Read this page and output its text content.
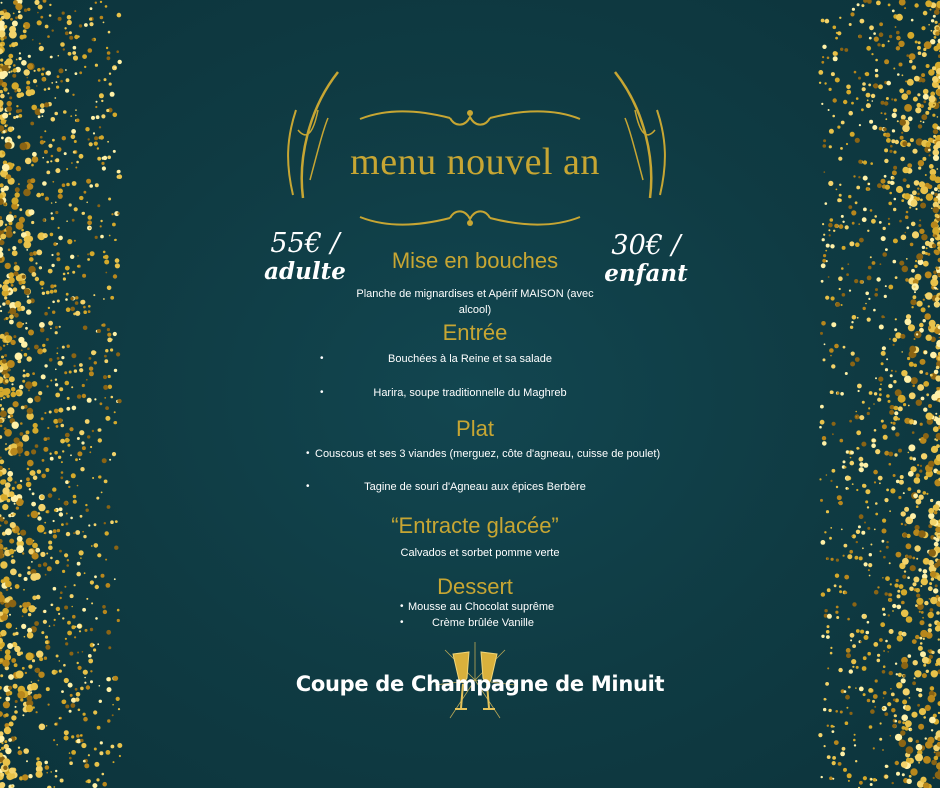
menu nouvel an
55€ /
adulte
30€ /
enfant
Mise en bouches
Planche de mignardises et Apérif MAISON (avec
alcool)
Entrée
•	Bouchées à la Reine et sa salade
•	Harira, soupe traditionnelle du Maghreb
Plat
• Couscous et ses 3 viandes (merguez, côte d'agneau, cuisse de poulet)
•	Tagine de souri d'Agneau aux épices Berbère
“Entracte glacée”
Calvados et sorbet pomme verte
Dessert
• Mousse au Chocolat suprême
•	Crème brûlée Vanille
Coupe de Champagne de Minuit
